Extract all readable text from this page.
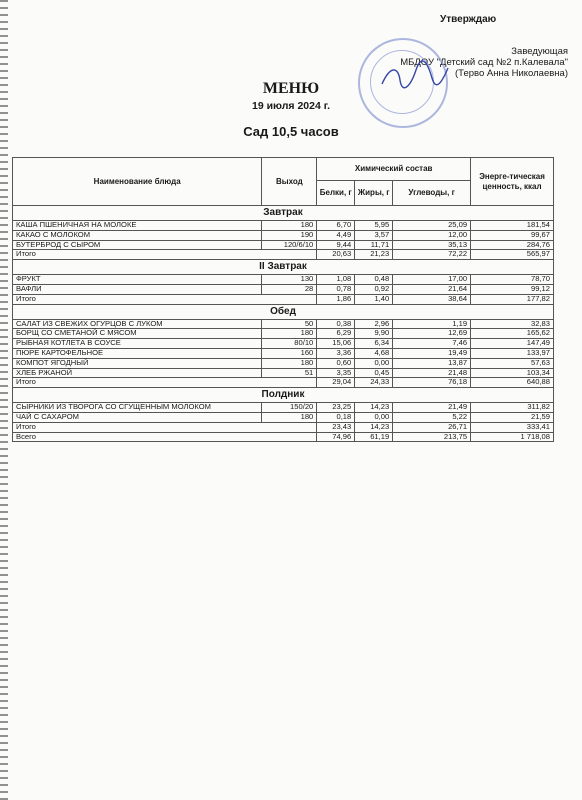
Утверждаю
Заведующая
МБДОУ "Детский сад №2 п.Калевала"
(Терво Анна Николаевна)
МЕНЮ
19 июля 2024 г.
Сад 10,5 часов
Наименование блюда	Выход	Химический состав			Энерге-тическая ценность, ккал
		Белки, г	Жиры, г	Углеводы, г	
Завтрак					
КАША ПШЕНИЧНАЯ НА МОЛОКЕ	180	6,70	5,95	25,09	181,54
КАКАО С МОЛОКОМ	190	4,49	3,57	12,00	99,67
БУТЕРБРОД С СЫРОМ	120/6/10	9,44	11,71	35,13	284,76
Итого		20,63	21,23	72,22	565,97
II Завтрак					
ФРУКТ	130	1,08	0,48	17,00	78,70
ВАФЛИ	28	0,78	0,92	21,64	99,12
Итого		1,86	1,40	38,64	177,82
Обед					
САЛАТ ИЗ СВЕЖИХ ОГУРЦОВ С ЛУКОМ	50	0,38	2,96	1,19	32,83
БОРЩ СО СМЕТАНОЙ С МЯСОМ	180	6,29	9,90	12,69	165,62
РЫБНАЯ КОТЛЕТА В СОУСЕ	80/10	15,06	6,34	7,46	147,49
ПЮРЕ КАРТОФЕЛЬНОЕ	160	3,36	4,68	19,49	133,97
КОМПОТ ЯГОДНЫЙ	180	0,60	0,00	13,87	57,63
ХЛЕБ РЖАНОЙ	51	3,35	0,45	21,48	103,34
Итого		29,04	24,33	76,18	640,88
Полдник					
СЫРНИКИ ИЗ ТВОРОГА СО СГУЩЕННЫМ МОЛОКОМ	150/20	23,25	14,23	21,49	311,82
ЧАЙ С САХАРОМ	180	0,18	0,00	5,22	21,59
Итого		23,43	14,23	26,71	333,41
Всего		74,96	61,19	213,75	1 718,08
